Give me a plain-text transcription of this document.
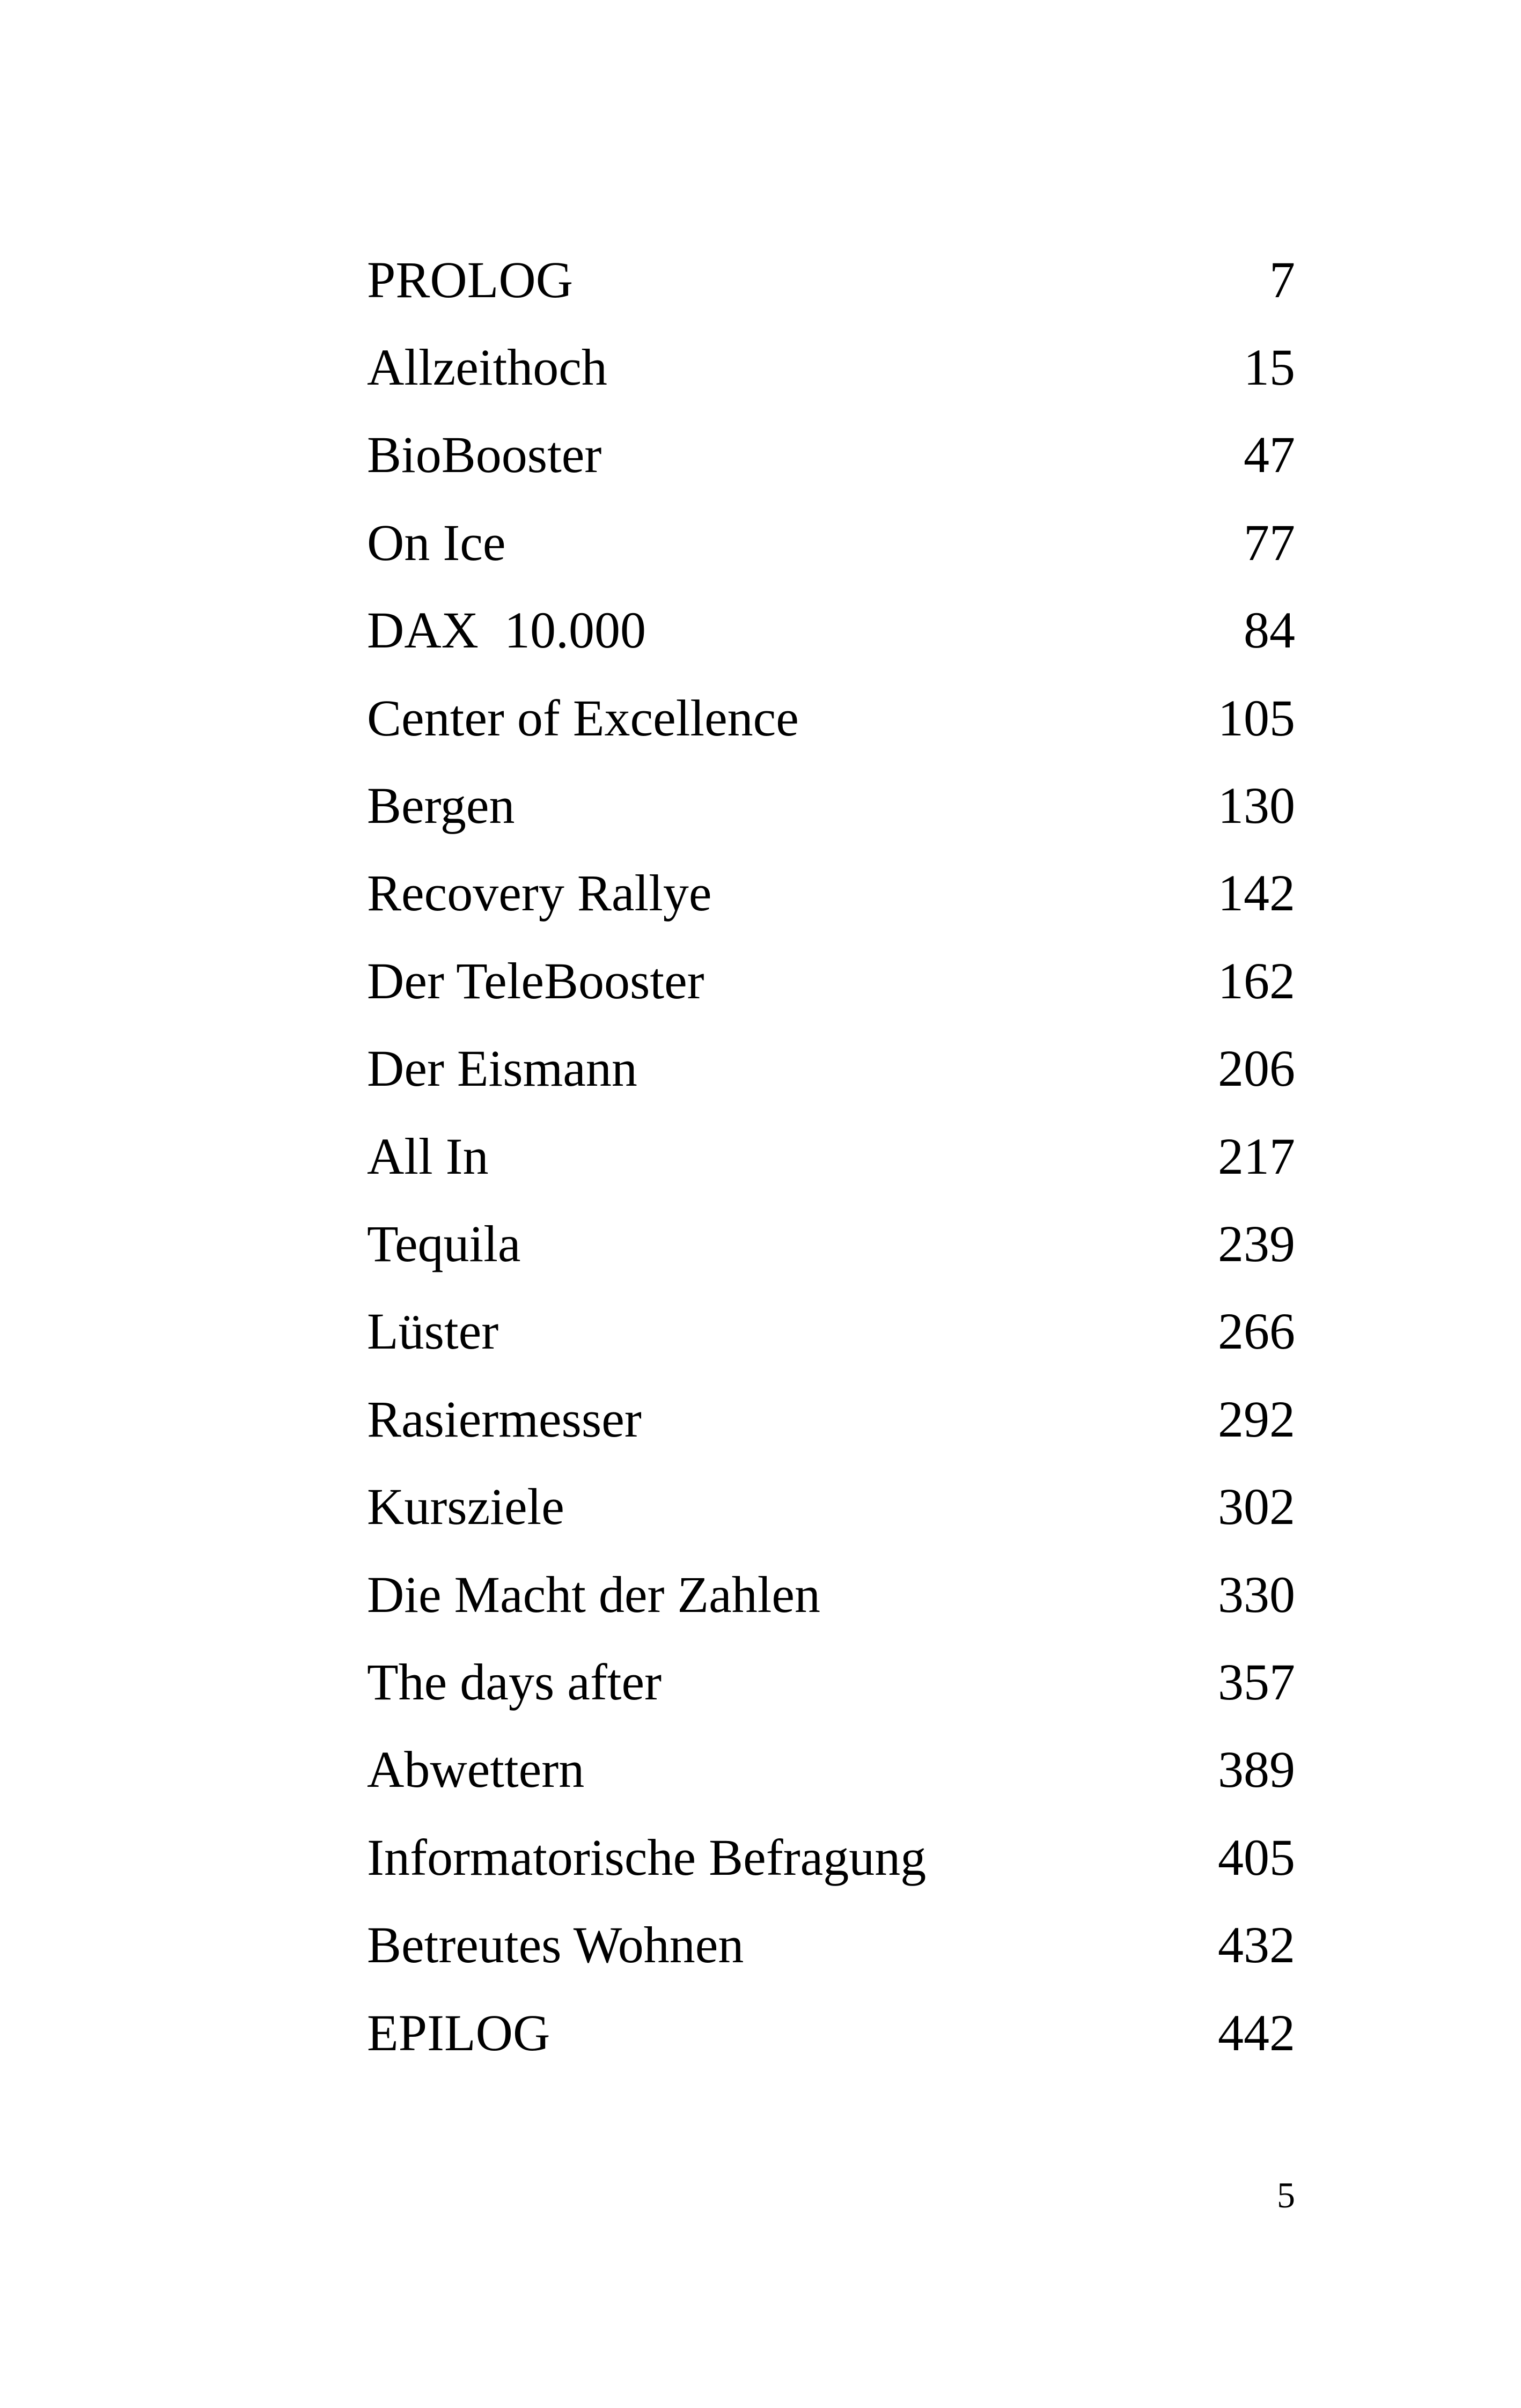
PROLOG	7
Allzeithoch	15
BioBooster	47
On Ice	77
DAX  10.000	84
Center of Excellence	105
Bergen	130
Recovery Rallye	142
Der TeleBooster	162
Der Eismann	206
All In	217
Tequila	239
Lüster	266
Rasiermesser	292
Kursziele	302
Die Macht der Zahlen	330
The days after	357
Abwettern	389
Informatorische Befragung	405
Betreutes Wohnen	432
EPILOG	442
5
